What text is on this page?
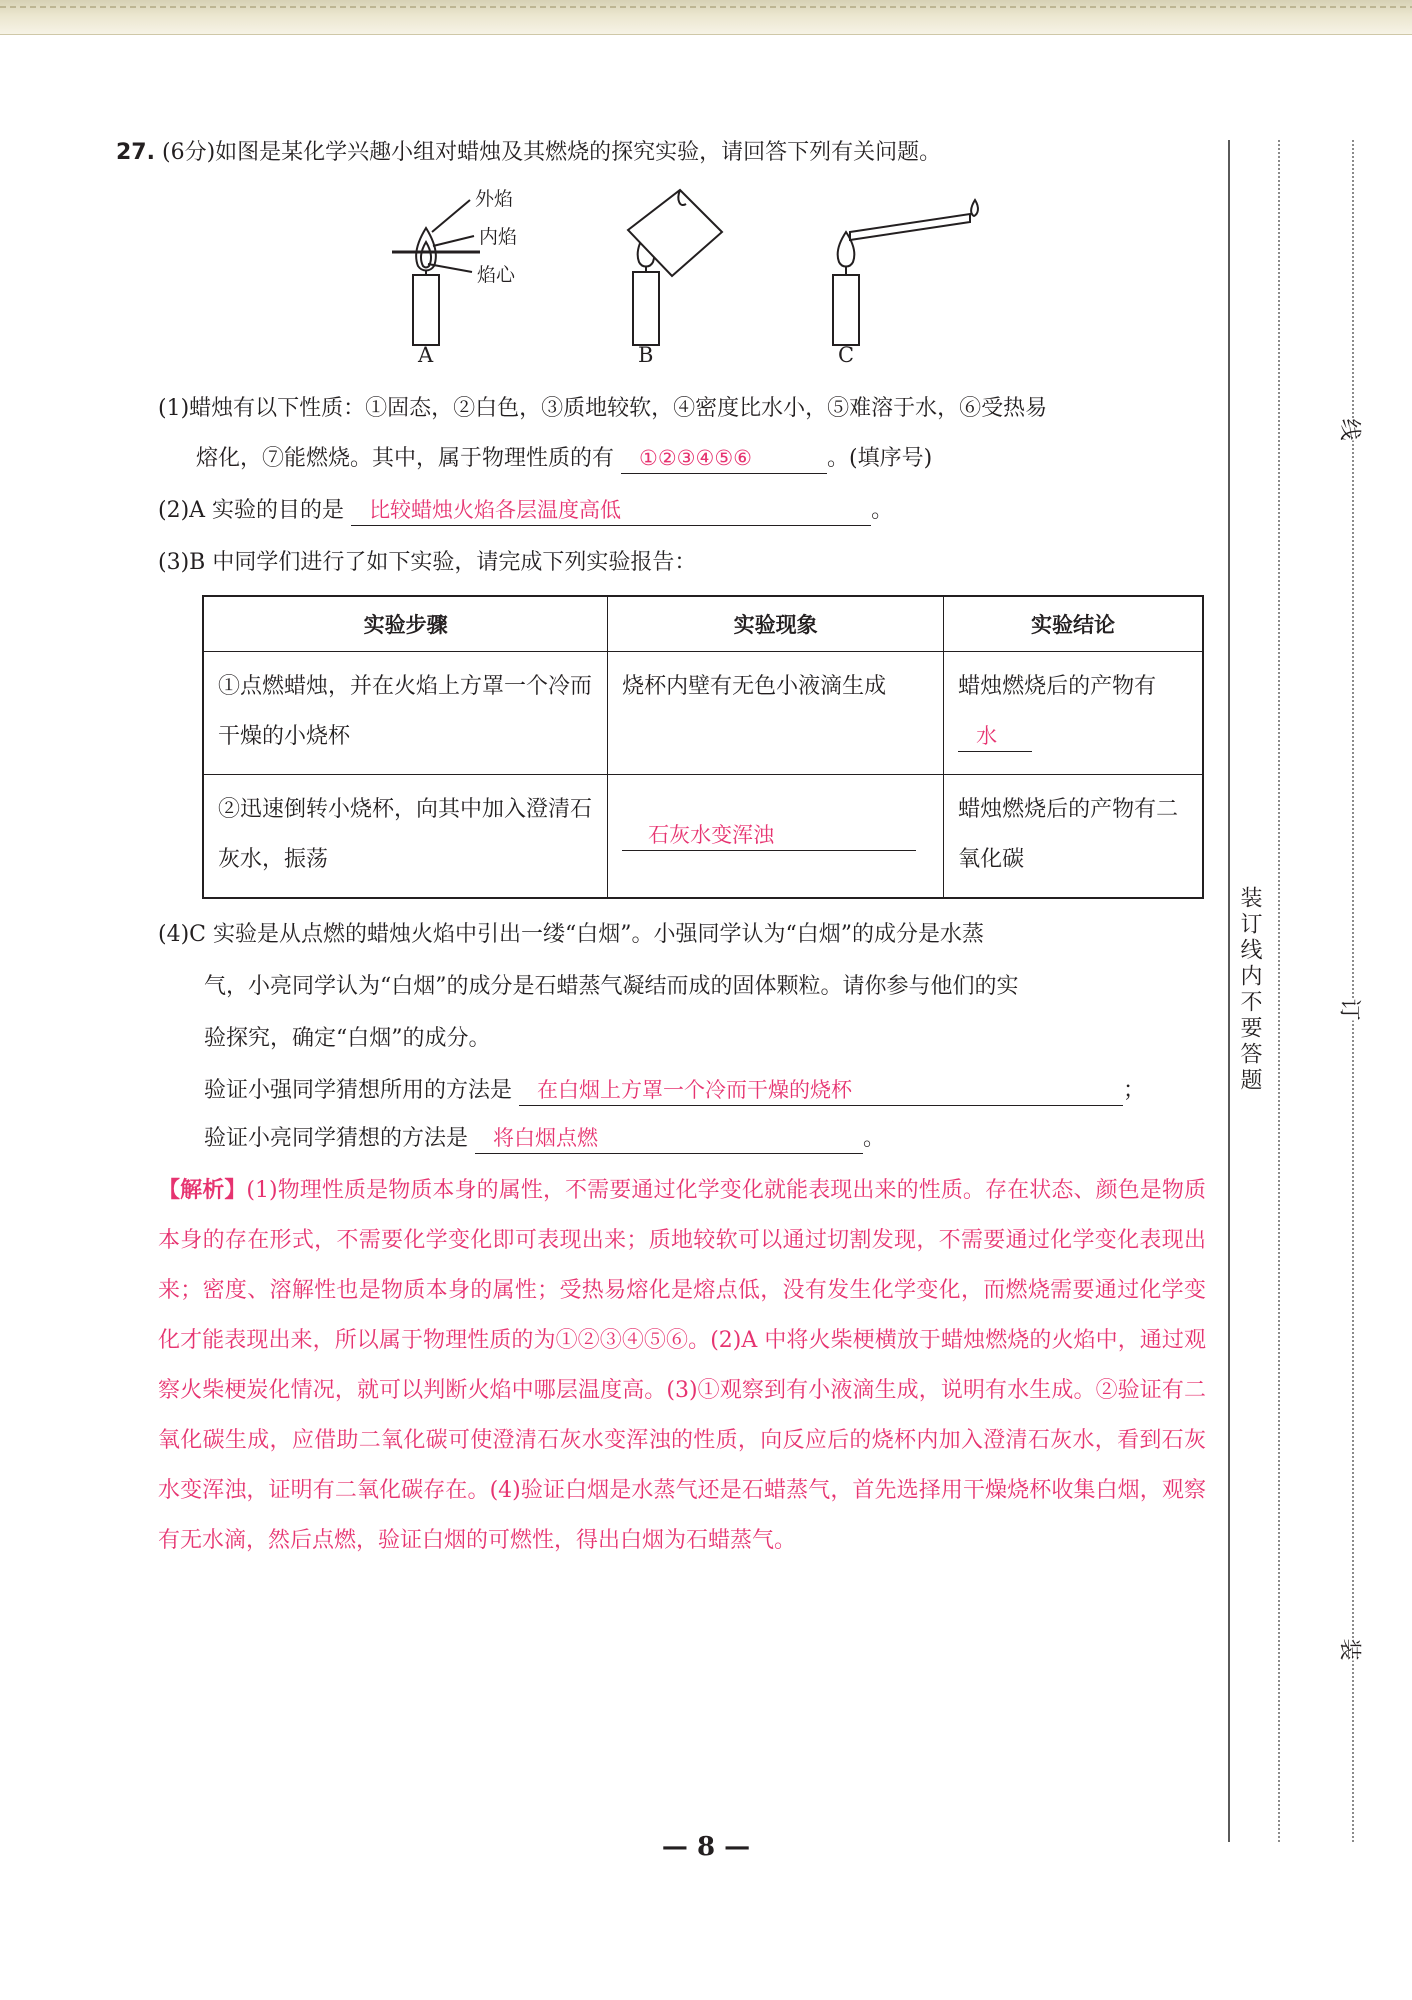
27. (6分)如图是某化学兴趣小组对蜡烛及其燃烧的探究实验，请回答下列有关问题。
外焰
内焰
焰心
A	B	C
(1)蜡烛有以下性质：①固态，②白色，③质地较软，④密度比水小，⑤难溶于水，⑥受热易
熔化，⑦能燃烧。其中，属于物理性质的有 ①②③④⑤⑥	。(填序号)
(2)A 实验的目的是 比较蜡烛火焰各层温度高低	。
(3)B 中同学们进行了如下实验，请完成下列实验报告：
实验步骤	实验现象	实验结论
①点燃蜡烛，并在火焰上方罩一个冷而干燥的小烧杯	烧杯内壁有无色小液滴生成	蜡烛燃烧后的产物有水
②迅速倒转小烧杯，向其中加入澄清石灰水，振荡	石灰水变浑浊	蜡烛燃烧后的产物有二氧化碳
(4)C 实验是从点燃的蜡烛火焰中引出一缕“白烟”。小强同学认为“白烟”的成分是水蒸
气，小亮同学认为“白烟”的成分是石蜡蒸气凝结而成的固体颗粒。请你参与他们的实
验探究，确定“白烟”的成分。
验证小强同学猜想所用的方法是 在白烟上方罩一个冷而干燥的烧杯	；
验证小亮同学猜想的方法是 将白烟点燃	。
【解析】(1)物理性质是物质本身的属性，不需要通过化学变化就能表现出来的性质。存在状态、颜色是物质本身的存在形式，不需要化学变化即可表现出来；质地较软可以通过切割发现，不需要通过化学变化表现出来；密度、溶解性也是物质本身的属性；受热易熔化是熔点低，没有发生化学变化，而燃烧需要通过化学变化才能表现出来，所以属于物理性质的为①②③④⑤⑥。(2)A 中将火柴梗横放于蜡烛燃烧的火焰中，通过观察火柴梗炭化情况，就可以判断火焰中哪层温度高。(3)①观察到有小液滴生成，说明有水生成。②验证有二氧化碳生成，应借助二氧化碳可使澄清石灰水变浑浊的性质，向反应后的烧杯内加入澄清石灰水，看到石灰水变浑浊，证明有二氧化碳存在。(4)验证白烟是水蒸气还是石蜡蒸气，首先选择用干燥烧杯收集白烟，观察有无水滴，然后点燃，验证白烟的可燃性，得出白烟为石蜡蒸气。
线
订
装
装订线内不要答题
— 8 —
